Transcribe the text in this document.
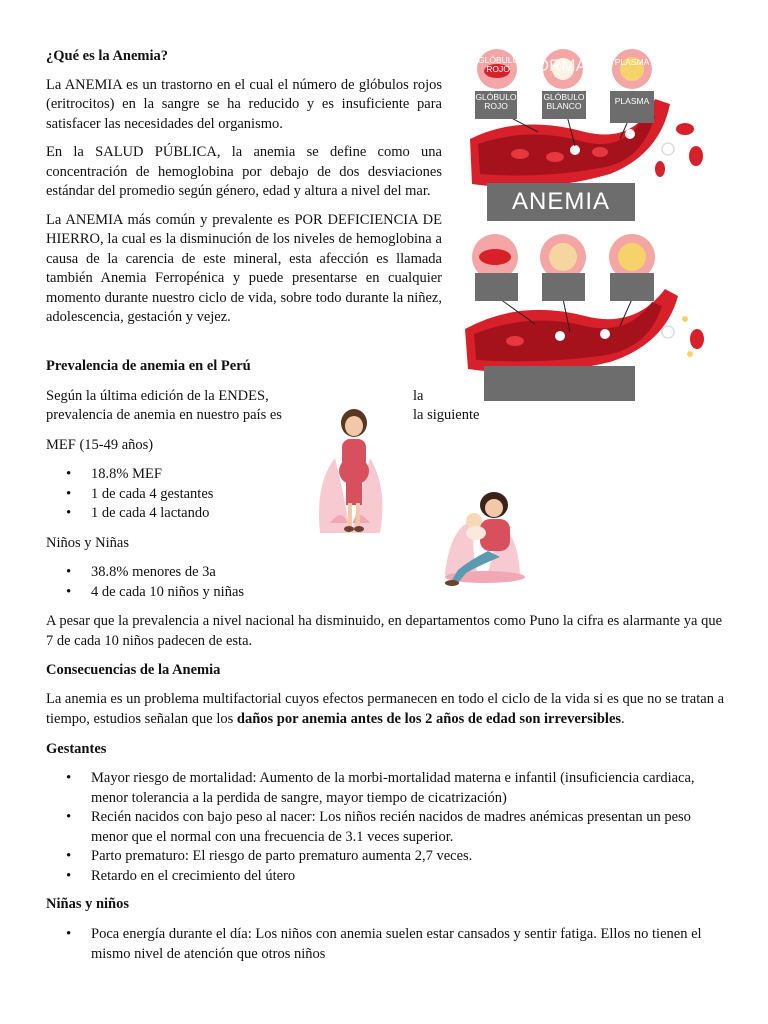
¿Qué es la Anemia?

La ANEMIA es un trastorno en el cual el número de glóbulos rojos (eritrocitos) en la sangre se ha reducido y es insuficiente para satisfacer las necesidades del organismo.

En la SALUD PÚBLICA, la anemia se define como una concentración de hemoglobina por debajo de dos desviaciones estándar del promedio según género, edad y altura a nivel del mar.

La ANEMIA más común y prevalente es POR DEFICIENCIA DE HIERRO, la cual es la disminución de los niveles de hemoglobina a causa de la carencia de este mineral, esta afección es llamada también Anemia Ferropénica y puede presentarse en cualquier momento durante nuestro ciclo de vida, sobre todo durante la niñez, adolescencia, gestación y vejez.

GLÓBULO ROJO NORMAL	PLASMA
GLÓBULO ROJO
GLÓBULO BLANCO	PLASMA
ANEMIA

Prevalencia de anemia en el Perú

Según la última edición de la ENDES,	la

prevalencia de anemia en nuestro país es	la siguiente

MEF (15-49 años)

• 18.8% MEF
• 1 de cada 4 gestantes
• 1 de cada 4 lactando

Niños y Niñas

• 38.8% menores de 3a
• 4 de cada 10 niños y niñas

A pesar que la prevalencia a nivel nacional ha disminuido, en departamentos como Puno la cifra es alarmante ya que 7 de cada 10 niños padecen de esta.

Consecuencias de la Anemia

La anemia es un problema multifactorial cuyos efectos permanecen en todo el ciclo de la vida si es que no se tratan a tiempo, estudios señalan que los daños por anemia antes de los 2 años de edad son irreversibles.

Gestantes

• Mayor riesgo de mortalidad: Aumento de la morbi-mortalidad materna e infantil (insuficiencia cardiaca, menor tolerancia a la perdida de sangre, mayor tiempo de cicatrización)
• Recién nacidos con bajo peso al nacer: Los niños recién nacidos de madres anémicas presentan un peso menor que el normal con una frecuencia de 3.1 veces superior.
• Parto prematuro: El riesgo de parto prematuro aumenta 2,7 veces.
• Retardo en el crecimiento del útero

Niñas y niños

• Poca energía durante el día: Los niños con anemia suelen estar cansados y sentir fatiga. Ellos no tienen el mismo nivel de atención que otros niños
